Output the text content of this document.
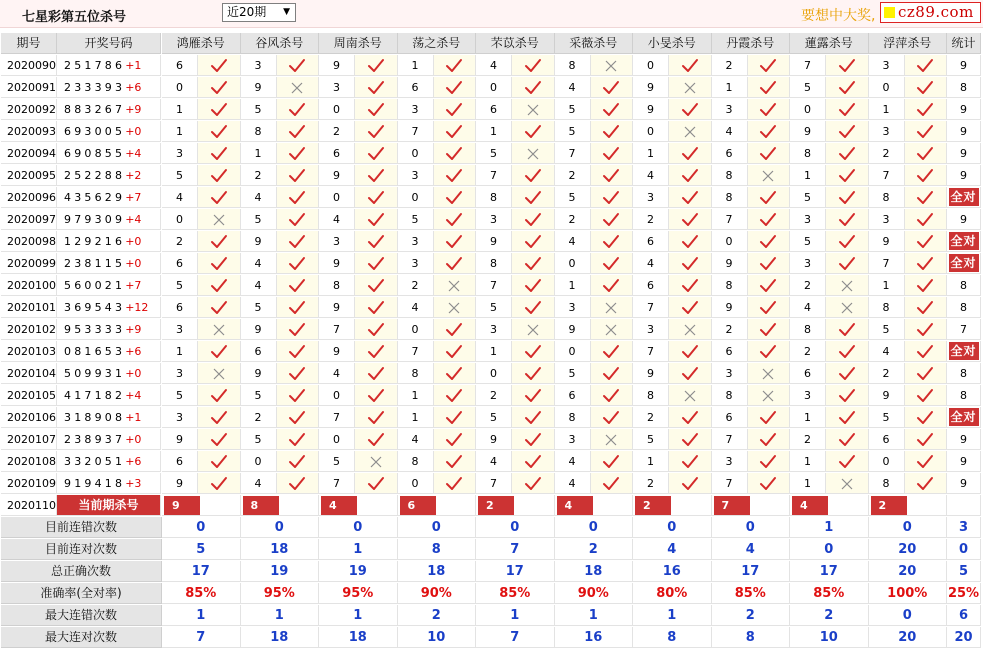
七星彩第五位杀号	近20期 ▼	要想中大奖, cz89.com
期号	开奖号码	鸿雁杀号	谷风杀号	周南杀号	荡之杀号	芣苡杀号	采薇杀号	小旻杀号	丹霞杀号	蓮露杀号	浮萍杀号	统计
2020090 251786+1	6	3	9	1	4	8	0	2	7	3	9
2020091 233393+6	0	9	3	6	0	4	9	1	5	0	8
2020092 883267+9	1	5	0	3	6	5	9	3	0	1	9
2020093 693005+0	1	8	2	7	1	5	0	4	9	3	9
2020094 690855+4	3	1	6	0	5	7	1	6	8	2	9
2020095 252288+2	5	2	9	3	7	2	4	8	1	7	9
2020096 435629+7	4	4	0	0	8	5	3	8	5	8	全对
2020097 979309+4	0	5	4	5	3	2	2	7	3	3	9
2020098 129216+0	2	9	3	3	9	4	6	0	5	9	全对
2020099 238115+0	6	4	9	3	8	0	4	9	3	7	全对
2020100 560021+7	5	4	8	2	7	1	6	8	2	1	8
2020101 369543+12	6	5	9	4	5	3	7	9	4	8	8
2020102 953333+9	3	9	7	0	3	9	3	2	8	5	7
2020103 081653+6	1	6	9	7	1	0	7	6	2	4	全对
2020104 509931+0	3	9	4	8	0	5	9	3	6	2	8
2020105 417182+4	5	5	0	1	2	6	8	8	3	9	8
2020106 318908+1	3	2	7	1	5	8	2	6	1	5	全对
2020107 238937+0	9	5	0	4	9	3	5	7	2	6	9
2020108 332051+6	6	0	5	8	4	4	1	3	1	0	9
2020109 919418+3	9	4	7	0	7	4	2	7	1	8	9
2020110	当前期杀号	9	8	4	6	2	4	2	7	4	2
目前连错次数	0	0	0	0	0	0	0	0	1	0	3
目前连对次数	5	18	1	8	7	2	4	4	0	20	0
总正确次数	17	19	19	18	17	18	16	17	17	20	5
准确率(全对率)	85%	95%	95%	90%	85%	90%	80%	85%	85%	100%	25%
最大连错次数	1	1	1	2	1	1	1	2	2	0	6
最大连对次数	7	18	18	10	7	16	8	8	10	20	20
